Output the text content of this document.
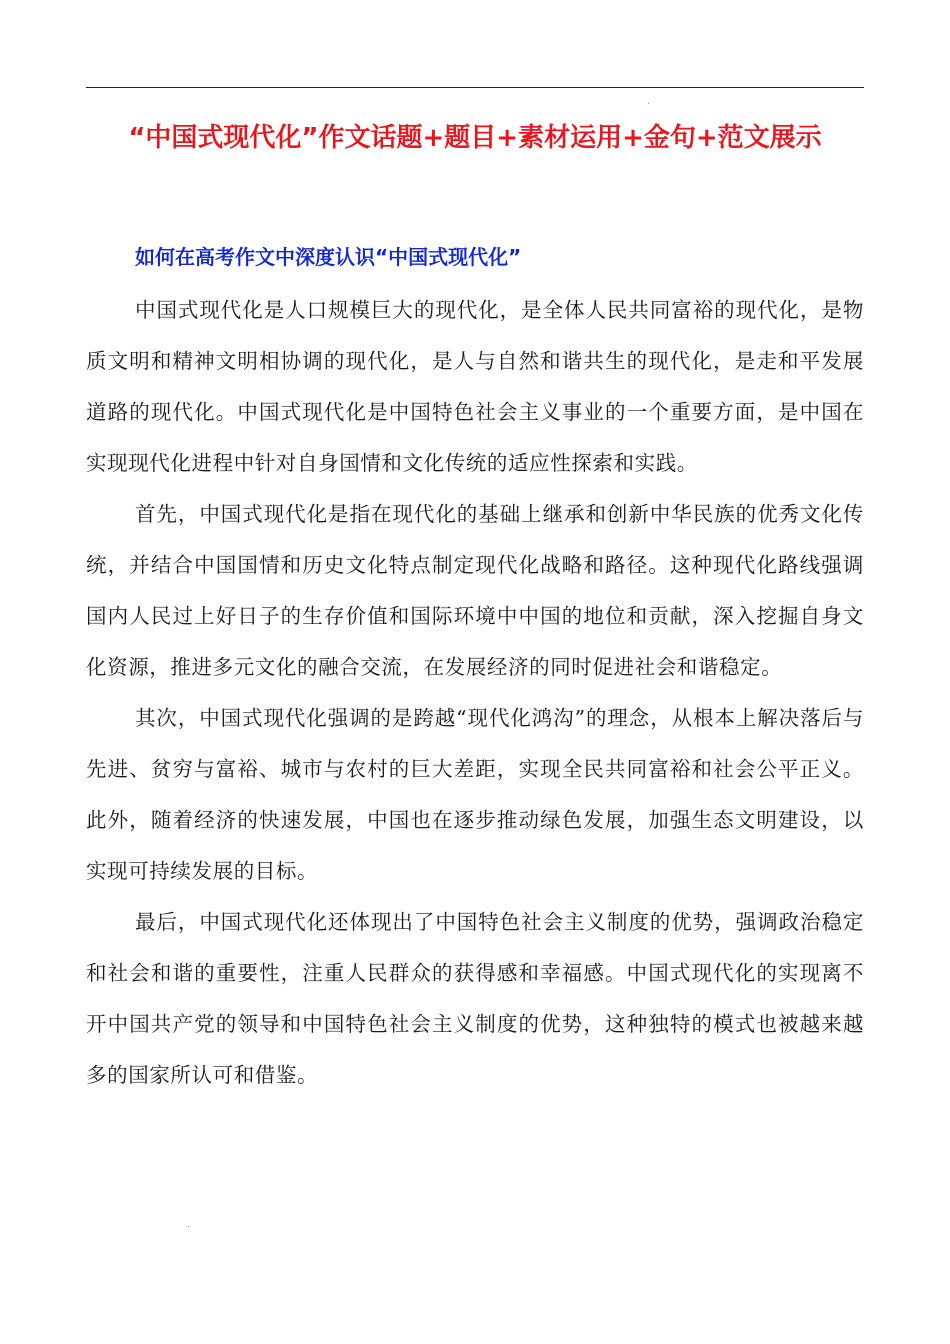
“中国式现代化”作文话题+题目+素材运用+金句+范文展示
如何在高考作文中深度认识“中国式现代化”

中国式现代化是人口规模巨大的现代化，是全体人民共同富裕的现代化，是物质文明和精神文明相协调的现代化，是人与自然和谐共生的现代化，是走和平发展道路的现代化。中国式现代化是中国特色社会主义事业的一个重要方面，是中国在实现现代化进程中针对自身国情和文化传统的适应性探索和实践。

首先，中国式现代化是指在现代化的基础上继承和创新中华民族的优秀文化传统，并结合中国国情和历史文化特点制定现代化战略和路径。这种现代化路线强调国内人民过上好日子的生存价值和国际环境中中国的地位和贡献，深入挖掘自身文化资源，推进多元文化的融合交流，在发展经济的同时促进社会和谐稳定。

其次，中国式现代化强调的是跨越“现代化鸿沟”的理念，从根本上解决落后与先进、贫穷与富裕、城市与农村的巨大差距，实现全民共同富裕和社会公平正义。此外，随着经济的快速发展，中国也在逐步推动绿色发展，加强生态文明建设，以实现可持续发展的目标。

最后，中国式现代化还体现出了中国特色社会主义制度的优势，强调政治稳定和社会和谐的重要性，注重人民群众的获得感和幸福感。中国式现代化的实现离不开中国共产党的领导和中国特色社会主义制度的优势，这种独特的模式也被越来越多的国家所认可和借鉴。
